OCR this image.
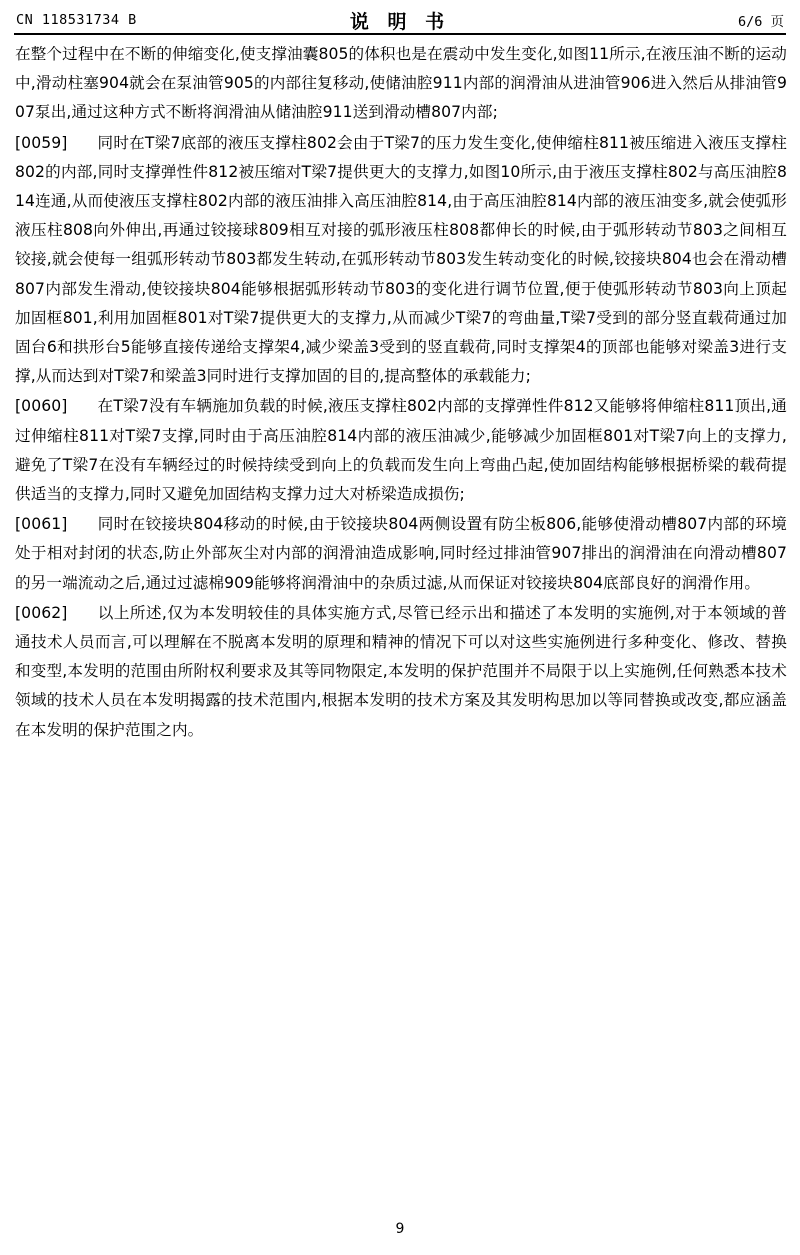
CN 118531734 B	说 明 书	6/6 页

在整个过程中在不断的伸缩变化,使支撑油囊805的体积也是在震动中发生变化,如图11所示,在液压油不断的运动中,滑动柱塞904就会在泵油管905的内部往复移动,使储油腔911内部的润滑油从进油管906进入然后从排油管907泵出,通过这种方式不断将润滑油从储油腔911送到滑动槽807内部;

[0059] 同时在T梁7底部的液压支撑柱802会由于T梁7的压力发生变化,使伸缩柱811被压缩进入液压支撑柱802的内部,同时支撑弹性件812被压缩对T梁7提供更大的支撑力,如图10所示,由于液压支撑柱802与高压油腔814连通,从而使液压支撑柱802内部的液压油排入高压油腔814,由于高压油腔814内部的液压油变多,就会使弧形液压柱808向外伸出,再通过铰接球809相互对接的弧形液压柱808都伸长的时候,由于弧形转动节803之间相互铰接,就会使每一组弧形转动节803都发生转动,在弧形转动节803发生转动变化的时候,铰接块804也会在滑动槽807内部发生滑动,使铰接块804能够根据弧形转动节803的变化进行调节位置,便于使弧形转动节803向上顶起加固框801,利用加固框801对T梁7提供更大的支撑力,从而减少T梁7的弯曲量,T梁7受到的部分竖直载荷通过加固台6和拱形台5能够直接传递给支撑架4,减少梁盖3受到的竖直载荷,同时支撑架4的顶部也能够对梁盖3进行支撑,从而达到对T梁7和梁盖3同时进行支撑加固的目的,提高整体的承载能力;

[0060] 在T梁7没有车辆施加负载的时候,液压支撑柱802内部的支撑弹性件812又能够将伸缩柱811顶出,通过伸缩柱811对T梁7支撑,同时由于高压油腔814内部的液压油减少,能够减少加固框801对T梁7向上的支撑力,避免了T梁7在没有车辆经过的时候持续受到向上的负载而发生向上弯曲凸起,使加固结构能够根据桥梁的载荷提供适当的支撑力,同时又避免加固结构支撑力过大对桥梁造成损伤;

[0061] 同时在铰接块804移动的时候,由于铰接块804两侧设置有防尘板806,能够使滑动槽807内部的环境处于相对封闭的状态,防止外部灰尘对内部的润滑油造成影响,同时经过排油管907排出的润滑油在向滑动槽807的另一端流动之后,通过过滤棉909能够将润滑油中的杂质过滤,从而保证对铰接块804底部良好的润滑作用。

[0062] 以上所述,仅为本发明较佳的具体实施方式,尽管已经示出和描述了本发明的实施例,对于本领域的普通技术人员而言,可以理解在不脱离本发明的原理和精神的情况下可以对这些实施例进行多种变化、修改、替换和变型,本发明的范围由所附权利要求及其等同物限定,本发明的保护范围并不局限于以上实施例,任何熟悉本技术领域的技术人员在本发明揭露的技术范围内,根据本发明的技术方案及其发明构思加以等同替换或改变,都应涵盖在本发明的保护范围之内。

9
